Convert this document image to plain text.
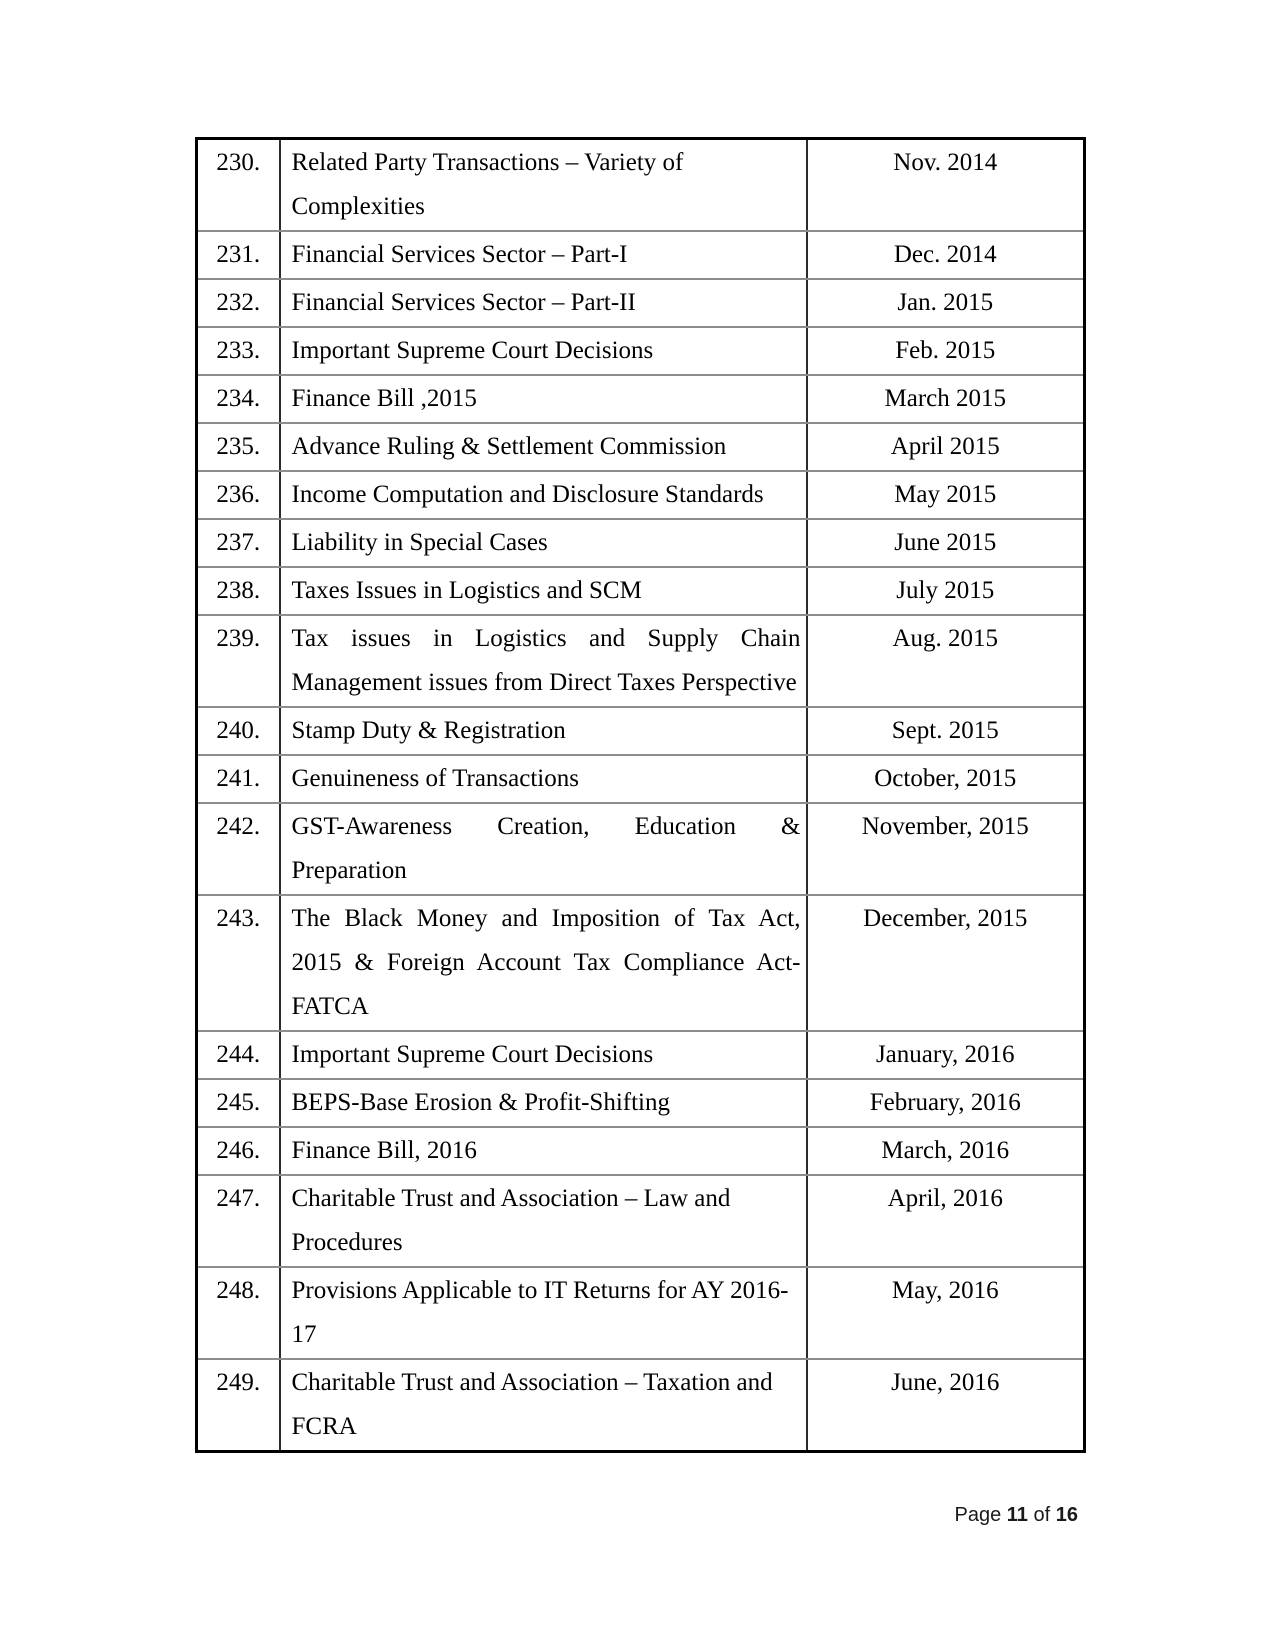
230.	Related Party Transactions – Variety of Complexities	Nov. 2014
231.	Financial Services Sector – Part-I	Dec. 2014
232.	Financial Services Sector – Part-II	Jan. 2015
233.	Important Supreme Court Decisions	Feb. 2015
234.	Finance Bill ,2015	March 2015
235.	Advance Ruling & Settlement Commission	April 2015
236.	Income Computation and Disclosure Standards	May 2015
237.	Liability in Special Cases	June 2015
238.	Taxes Issues in Logistics and SCM	July 2015
239.	Tax issues in Logistics and Supply Chain Management issues from Direct Taxes Perspective	Aug. 2015
240.	Stamp Duty & Registration	Sept. 2015
241.	Genuineness of Transactions	October, 2015
242.	GST-Awareness Creation, Education & Preparation	November, 2015
243.	The Black Money and Imposition of Tax Act, 2015 & Foreign Account Tax Compliance Act- FATCA	December, 2015
244.	Important Supreme Court Decisions	January, 2016
245.	BEPS-Base Erosion & Profit-Shifting	February, 2016
246.	Finance Bill, 2016	March, 2016
247.	Charitable Trust and Association – Law and Procedures	April, 2016
248.	Provisions Applicable to IT Returns for AY 2016-17	May, 2016
249.	Charitable Trust and Association – Taxation and FCRA	June, 2016
Page 11 of 16
